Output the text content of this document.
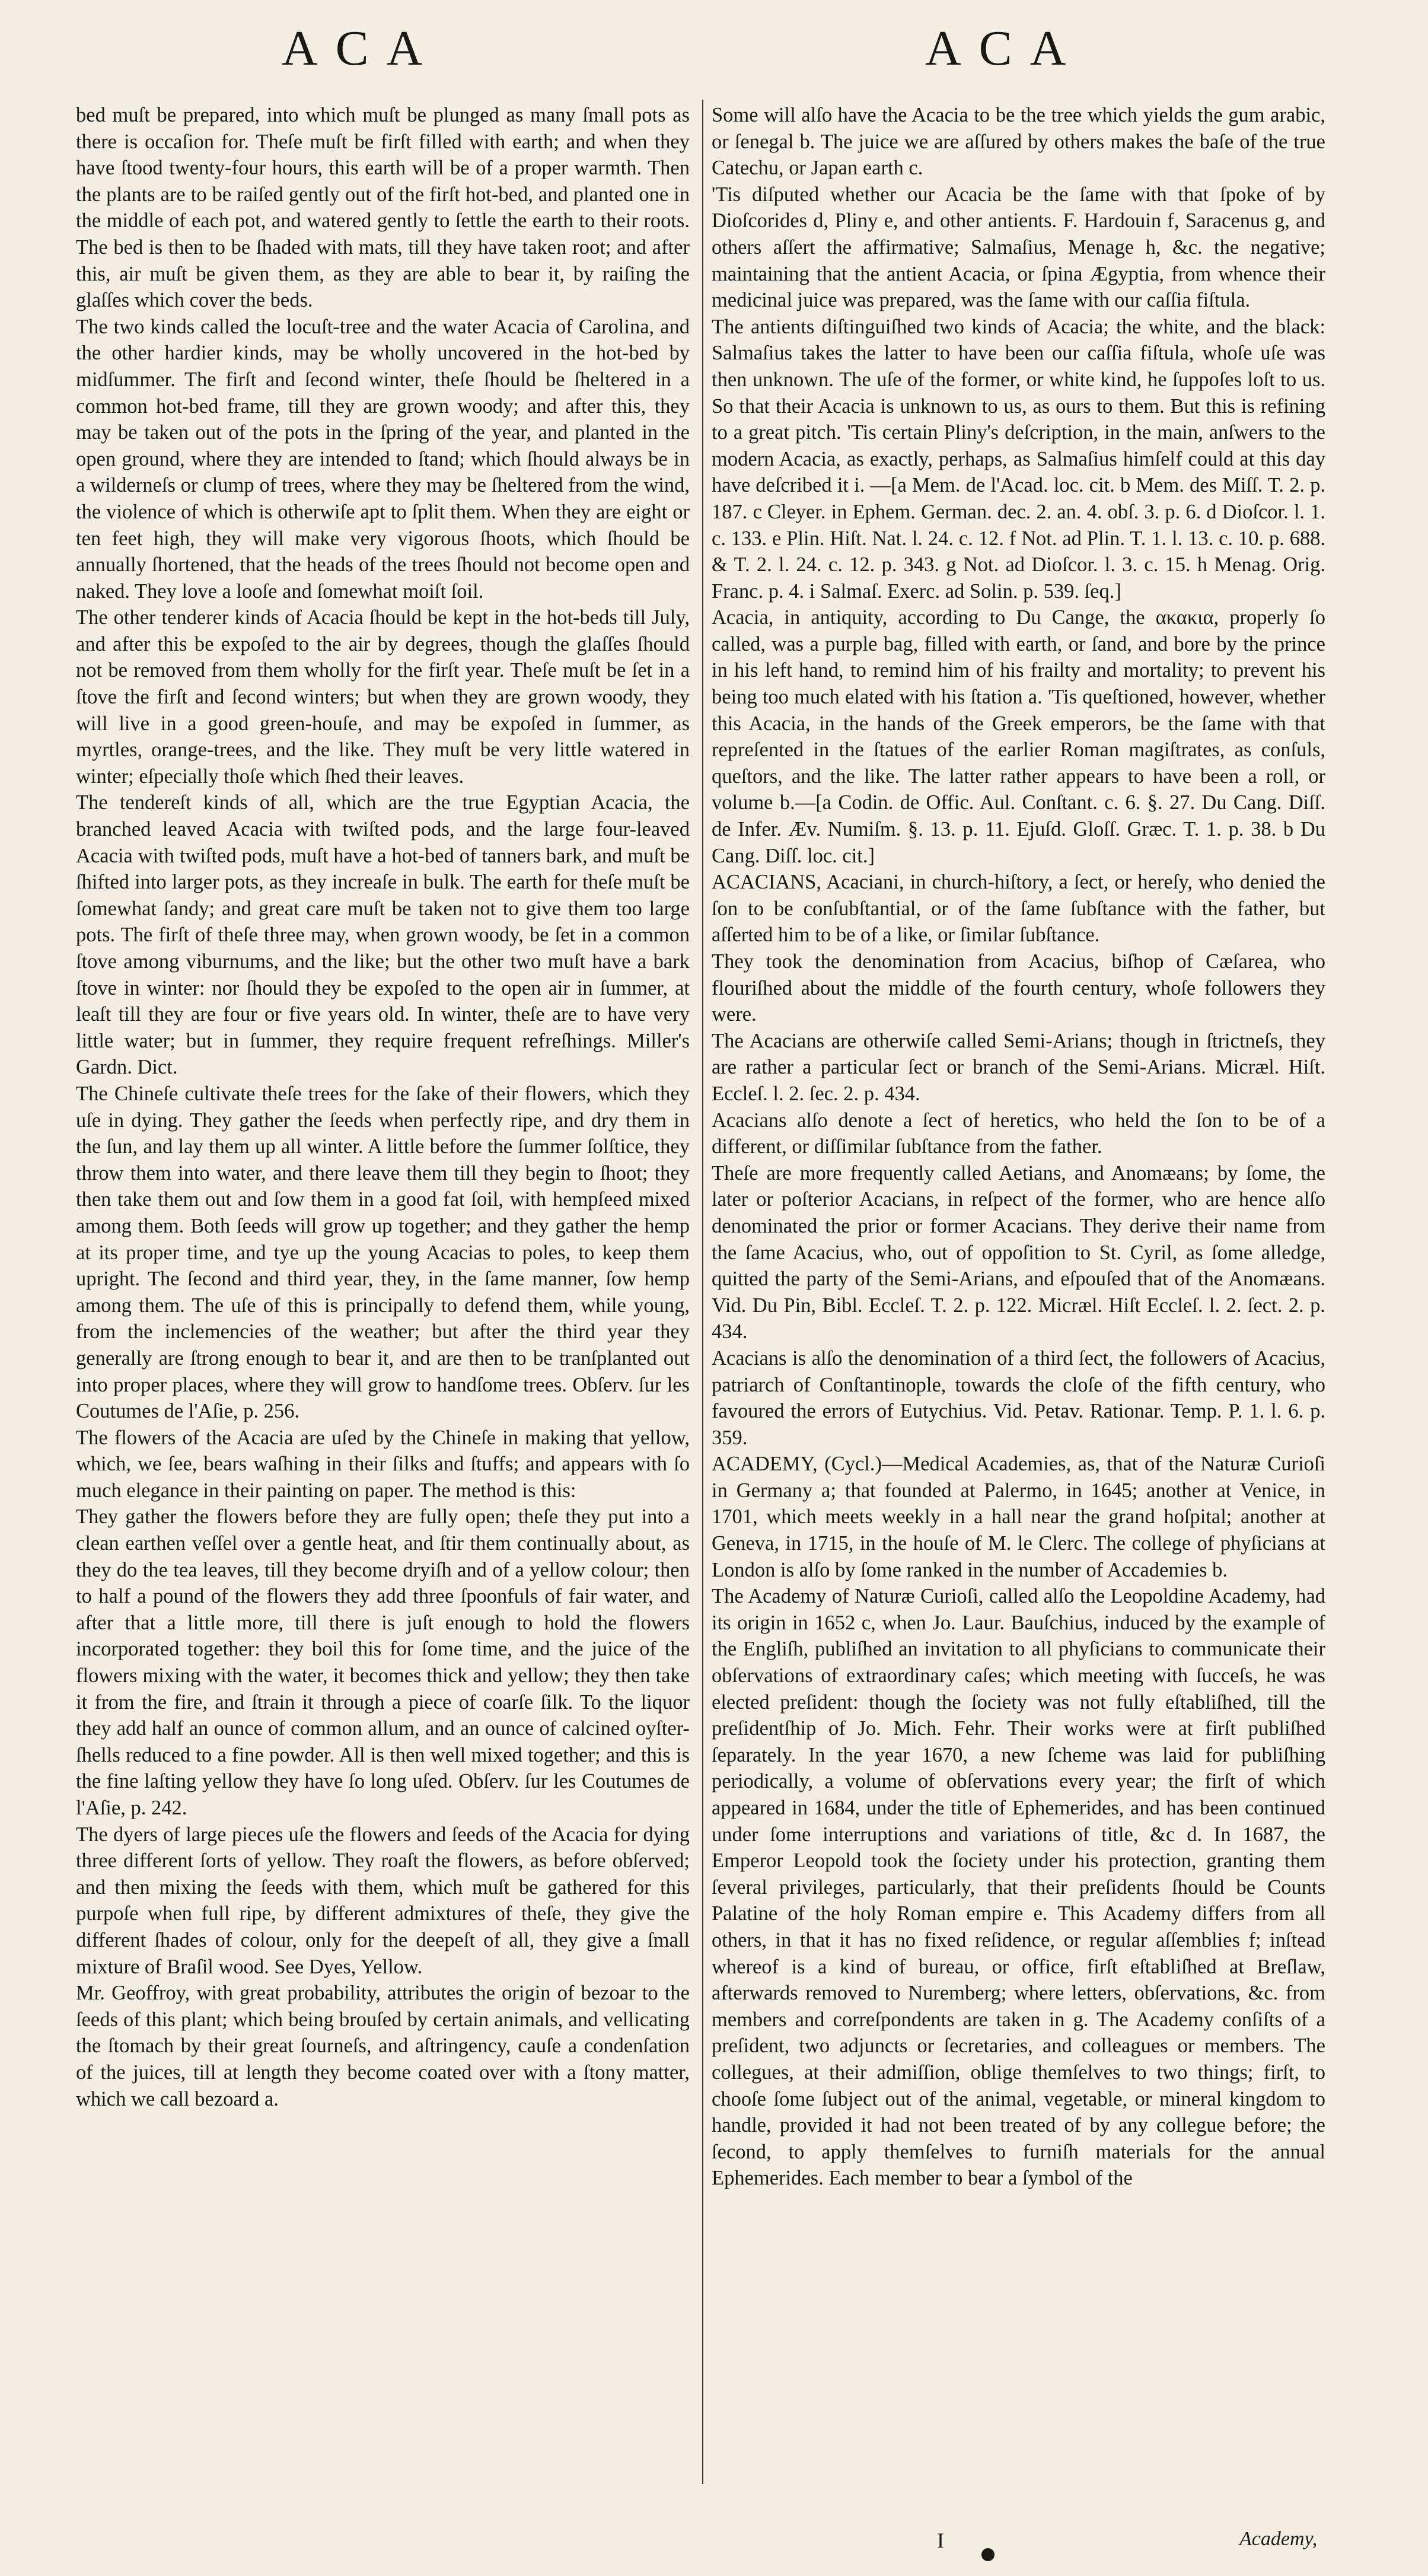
ACA	ACA

bed muſt be prepared, into which muſt be plunged as many ſmall pots as there is occaſion for. Theſe muſt be firſt filled with earth; and when they have ſtood twenty-four hours, this earth will be of a proper warmth. Then the plants are to be raiſed gently out of the firſt hot-bed, and planted one in the middle of each pot, and watered gently to ſettle the earth to their roots. The bed is then to be ſhaded with mats, till they have taken root; and after this, air muſt be given them, as they are able to bear it, by raiſing the glaſſes which cover the beds.

The two kinds called the locuſt-tree and the water Acacia of Carolina, and the other hardier kinds, may be wholly uncovered in the hot-bed by midſummer. The firſt and ſecond winter, theſe ſhould be ſheltered in a common hot-bed frame, till they are grown woody; and after this, they may be taken out of the pots in the ſpring of the year, and planted in the open ground, where they are intended to ſtand; which ſhould always be in a wilderneſs or clump of trees, where they may be ſheltered from the wind, the violence of which is otherwiſe apt to ſplit them. When they are eight or ten feet high, they will make very vigorous ſhoots, which ſhould be annually ſhortened, that the heads of the trees ſhould not become open and naked. They love a looſe and ſomewhat moiſt ſoil.

The other tenderer kinds of Acacia ſhould be kept in the hot-beds till July, and after this be expoſed to the air by degrees, though the glaſſes ſhould not be removed from them wholly for the firſt year. Theſe muſt be ſet in a ſtove the firſt and ſecond winters; but when they are grown woody, they will live in a good green-houſe, and may be expoſed in ſummer, as myrtles, orange-trees, and the like. They muſt be very little watered in winter; eſpecially thoſe which ſhed their leaves.

The tendereſt kinds of all, which are the true Egyptian Acacia, the branched leaved Acacia with twiſted pods, and the large four-leaved Acacia with twiſted pods, muſt have a hot-bed of tanners bark, and muſt be ſhifted into larger pots, as they increaſe in bulk. The earth for theſe muſt be ſomewhat ſandy; and great care muſt be taken not to give them too large pots. The firſt of theſe three may, when grown woody, be ſet in a common ſtove among viburnums, and the like; but the other two muſt have a bark ſtove in winter: nor ſhould they be expoſed to the open air in ſummer, at leaſt till they are four or five years old. In winter, theſe are to have very little water; but in ſummer, they require frequent refreſhings. Miller's Gardn. Dict.

The Chineſe cultivate theſe trees for the ſake of their flowers, which they uſe in dying. They gather the ſeeds when perfectly ripe, and dry them in the ſun, and lay them up all winter. A little before the ſummer ſolſtice, they throw them into water, and there leave them till they begin to ſhoot; they then take them out and ſow them in a good fat ſoil, with hempſeed mixed among them. Both ſeeds will grow up together; and they gather the hemp at its proper time, and tye up the young Acacias to poles, to keep them upright. The ſecond and third year, they, in the ſame manner, ſow hemp among them. The uſe of this is principally to defend them, while young, from the inclemencies of the weather; but after the third year they generally are ſtrong enough to bear it, and are then to be tranſplanted out into proper places, where they will grow to handſome trees. Obſerv. ſur les Coutumes de l'Aſie, p. 256.

The flowers of the Acacia are uſed by the Chineſe in making that yellow, which, we ſee, bears waſhing in their ſilks and ſtuffs; and appears with ſo much elegance in their painting on paper. The method is this:

They gather the flowers before they are fully open; theſe they put into a clean earthen veſſel over a gentle heat, and ſtir them continually about, as they do the tea leaves, till they become dryiſh and of a yellow colour; then to half a pound of the flowers they add three ſpoonfuls of fair water, and after that a little more, till there is juſt enough to hold the flowers incorporated together: they boil this for ſome time, and the juice of the flowers mixing with the water, it becomes thick and yellow; they then take it from the fire, and ſtrain it through a piece of coarſe ſilk. To the liquor they add half an ounce of common allum, and an ounce of calcined oyſter-ſhells reduced to a fine powder. All is then well mixed together; and this is the fine laſting yellow they have ſo long uſed. Obſerv. ſur les Coutumes de l'Aſie, p. 242.

The dyers of large pieces uſe the flowers and ſeeds of the Acacia for dying three different ſorts of yellow. They roaſt the flowers, as before obſerved; and then mixing the ſeeds with them, which muſt be gathered for this purpoſe when full ripe, by different admixtures of theſe, they give the different ſhades of colour, only for the deepeſt of all, they give a ſmall mixture of Braſil wood. See Dyes, Yellow.

Mr. Geoffroy, with great probability, attributes the origin of bezoar to the ſeeds of this plant; which being brouſed by certain animals, and vellicating the ſtomach by their great ſourneſs, and aſtringency, cauſe a condenſation of the juices, till at length they become coated over with a ſtony matter, which we call bezoard a.

Some will alſo have the Acacia to be the tree which yields the gum arabic, or ſenegal b. The juice we are aſſured by others makes the baſe of the true Catechu, or Japan earth c.

'Tis diſputed whether our Acacia be the ſame with that ſpoke of by Dioſcorides d, Pliny e, and other antients. F. Hardouin f, Saracenus g, and others aſſert the affirmative; Salmaſius, Menage h, &c. the negative; maintaining that the antient Acacia, or ſpina Ægyptia, from whence their medicinal juice was prepared, was the ſame with our caſſia fiſtula.

The antients diſtinguiſhed two kinds of Acacia; the white, and the black: Salmaſius takes the latter to have been our caſſia fiſtula, whoſe uſe was then unknown. The uſe of the former, or white kind, he ſuppoſes loſt to us. So that their Acacia is unknown to us, as ours to them. But this is refining to a great pitch. 'Tis certain Pliny's deſcription, in the main, anſwers to the modern Acacia, as exactly, perhaps, as Salmaſius himſelf could at this day have deſcribed it i. —[a Mem. de l'Acad. loc. cit. b Mem. des Miſſ. T. 2. p. 187. c Cleyer. in Ephem. German. dec. 2. an. 4. obſ. 3. p. 6. d Dioſcor. l. 1. c. 133. e Plin. Hiſt. Nat. l. 24. c. 12. f Not. ad Plin. T. 1. l. 13. c. 10. p. 688. & T. 2. l. 24. c. 12. p. 343. g Not. ad Dioſcor. l. 3. c. 15. h Menag. Orig. Franc. p. 4. i Salmaſ. Exerc. ad Solin. p. 539. ſeq.]

Acacia, in antiquity, according to Du Cange, the ακακια, properly ſo called, was a purple bag, filled with earth, or ſand, and bore by the prince in his left hand, to remind him of his frailty and mortality; to prevent his being too much elated with his ſtation a. 'Tis queſtioned, however, whether this Acacia, in the hands of the Greek emperors, be the ſame with that repreſented in the ſtatues of the earlier Roman magiſtrates, as conſuls, queſtors, and the like. The latter rather appears to have been a roll, or volume b.—[a Codin. de Offic. Aul. Conſtant. c. 6. §. 27. Du Cang. Diſſ. de Infer. Æv. Numiſm. §. 13. p. 11. Ejuſd. Gloſſ. Græc. T. 1. p. 38. b Du Cang. Diſſ. loc. cit.]

ACACIANS, Acaciani, in church-hiſtory, a ſect, or hereſy, who denied the ſon to be conſubſtantial, or of the ſame ſubſtance with the father, but aſſerted him to be of a like, or ſimilar ſubſtance.

They took the denomination from Acacius, biſhop of Cæſarea, who flouriſhed about the middle of the fourth century, whoſe followers they were.

The Acacians are otherwiſe called Semi-Arians; though in ſtrictneſs, they are rather a particular ſect or branch of the Semi-Arians. Micræl. Hiſt. Eccleſ. l. 2. ſec. 2. p. 434.

Acacians alſo denote a ſect of heretics, who held the ſon to be of a different, or diſſimilar ſubſtance from the father.

Theſe are more frequently called Aetians, and Anomæans; by ſome, the later or poſterior Acacians, in reſpect of the former, who are hence alſo denominated the prior or former Acacians. They derive their name from the ſame Acacius, who, out of oppoſition to St. Cyril, as ſome alledge, quitted the party of the Semi-Arians, and eſpouſed that of the Anomæans. Vid. Du Pin, Bibl. Eccleſ. T. 2. p. 122. Micræl. Hiſt Eccleſ. l. 2. ſect. 2. p. 434.

Acacians is alſo the denomination of a third ſect, the followers of Acacius, patriarch of Conſtantinople, towards the cloſe of the fifth century, who favoured the errors of Eutychius. Vid. Petav. Rationar. Temp. P. 1. l. 6. p. 359.

ACADEMY, (Cycl.)—Medical Academies, as, that of the Naturæ Curioſi in Germany a; that founded at Palermo, in 1645; another at Venice, in 1701, which meets weekly in a hall near the grand hoſpital; another at Geneva, in 1715, in the houſe of M. le Clerc. The college of phyſicians at London is alſo by ſome ranked in the number of Accademies b.

The Academy of Naturæ Curioſi, called alſo the Leopoldine Academy, had its origin in 1652 c, when Jo. Laur. Bauſchius, induced by the example of the Engliſh, publiſhed an invitation to all phyſicians to communicate their obſervations of extraordinary caſes; which meeting with ſucceſs, he was elected preſident: though the ſociety was not fully eſtabliſhed, till the preſidentſhip of Jo. Mich. Fehr. Their works were at firſt publiſhed ſeparately. In the year 1670, a new ſcheme was laid for publiſhing periodically, a volume of obſervations every year; the firſt of which appeared in 1684, under the title of Ephemerides, and has been continued under ſome interruptions and variations of title, &c d. In 1687, the Emperor Leopold took the ſociety under his protection, granting them ſeveral privileges, particularly, that their preſidents ſhould be Counts Palatine of the holy Roman empire e. This Academy differs from all others, in that it has no fixed reſidence, or regular aſſemblies f; inſtead whereof is a kind of bureau, or office, firſt eſtabliſhed at Breſlaw, afterwards removed to Nuremberg; where letters, obſervations, &c. from members and correſpondents are taken in g. The Academy conſiſts of a preſident, two adjuncts or ſecretaries, and colleagues or members. The collegues, at their admiſſion, oblige themſelves to two things; firſt, to chooſe ſome ſubject out of the animal, vegetable, or mineral kingdom to handle, provided it had not been treated of by any collegue before; the ſecond, to apply themſelves to furniſh materials for the annual Ephemerides. Each member to bear a ſymbol of the

I	Academy,
